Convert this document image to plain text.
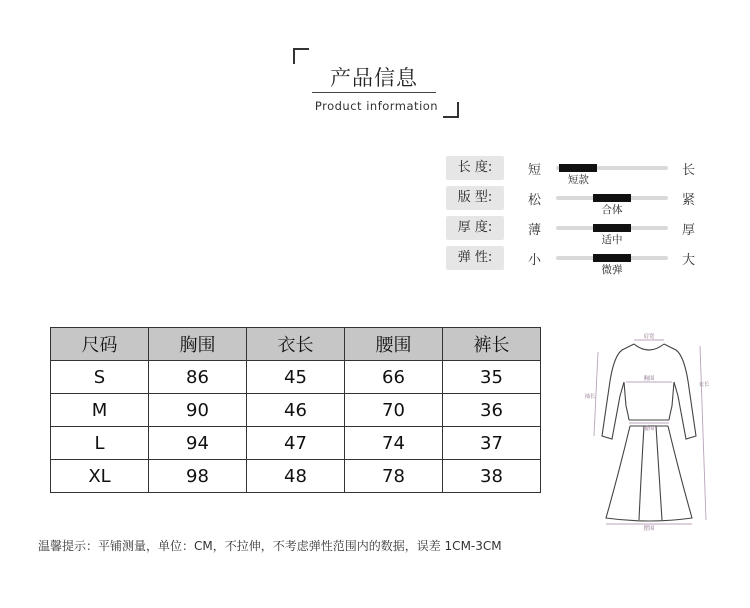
产品信息
Product information
长 度:	短
短款
长
版 型:	松
合体
紧
厚 度:	薄
适中
厚
弹 性:	小
微弹
大
尺码	胸围	衣长	腰围	裤长
S	86	45	66	35
M	90	46	70	36
L	94	47	74	37
XL	98	48	78	38
肩宽
胸围
袖长
衣长
腰围
摆围
温馨提示：平铺测量，单位：CM，不拉伸，不考虑弹性范围内的数据，误差 1CM-3CM
